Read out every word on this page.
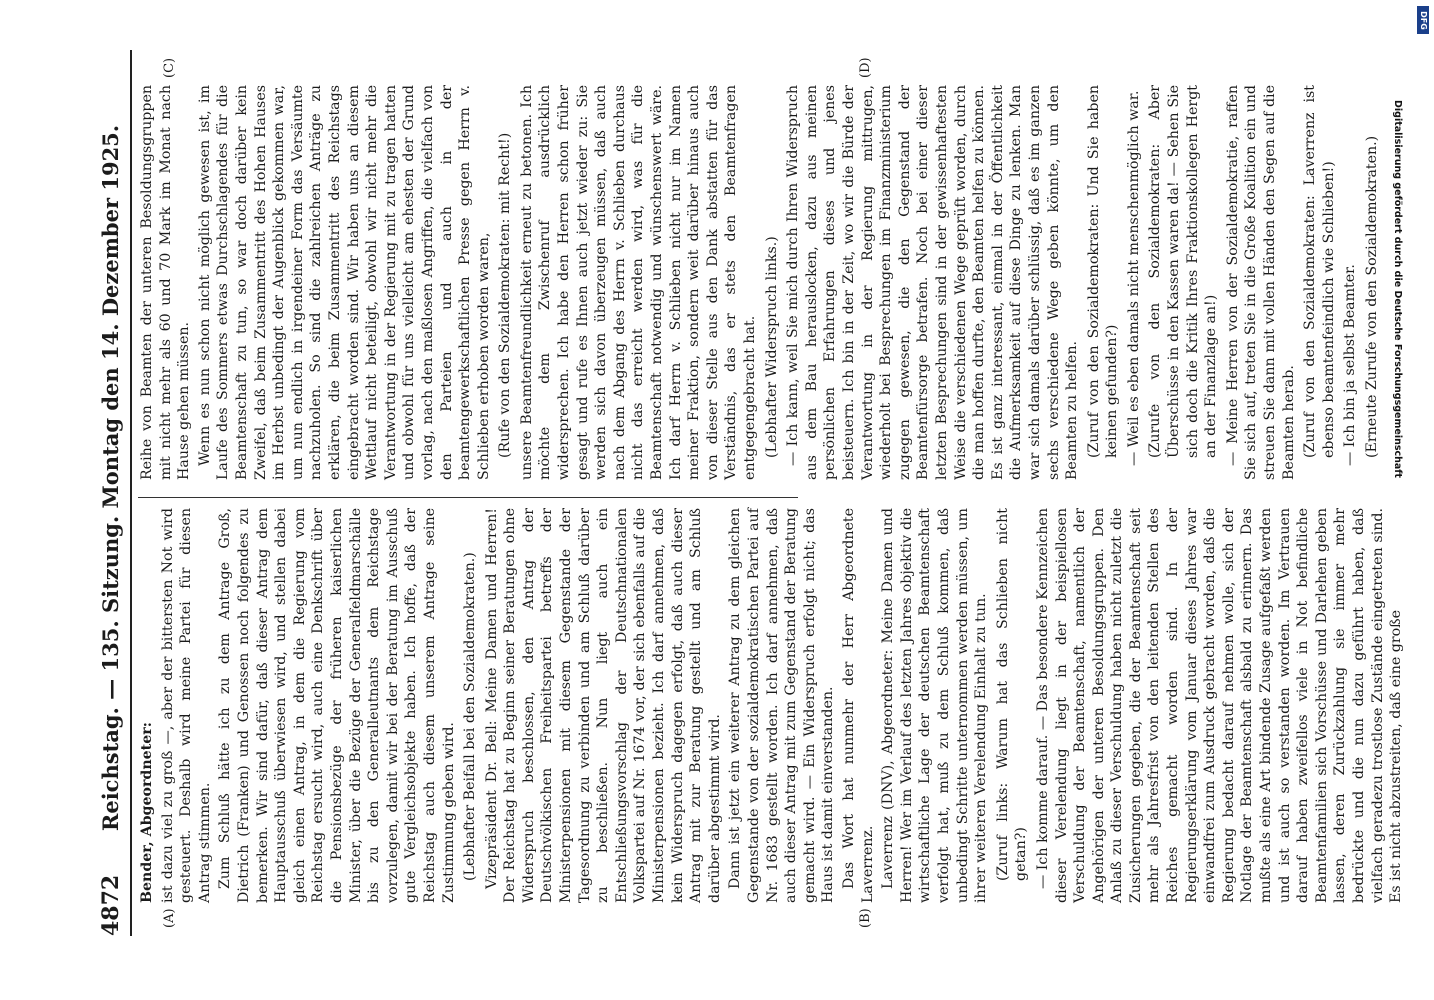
4872
Reichstag. — 135. Sitzung. Montag den 14. Dezember 1925.
(A)	(B)
(C)	(D)

Bender, Abgeordneter: ist dazu viel zu groß —, aber der bittersten Not wird gesteuert. Deshalb wird meine Partei für diesen Antrag stimmen. Zum Schluß hätte ich zu dem Antrage Groß, Dietrich (Franken) und Genossen noch folgendes zu bemerken. Wir sind dafür, daß dieser Antrag dem Hauptausschuß überwiesen wird, und stellen dabei gleich einen Antrag, in dem die Regierung vom Reichstag ersucht wird, auch eine Denkschrift über die Pensionsbezüge der früheren kaiserlichen Minister, über die Bezüge der Generalfeldmarschälle bis zu den Generalleutnants dem Reichstage vorzulegen, damit wir bei der Beratung im Ausschuß gute Vergleichsobjekte haben. Ich hoffe, daß der Reichstag auch diesem unserem Antrage seine Zustimmung geben wird. (Lebhafter Beifall bei den Sozialdemokraten.) Vizepräsident Dr. Bell: Meine Damen und Herren! Der Reichstag hat zu Beginn seiner Beratungen ohne Widerspruch beschlossen, den Antrag der Deutschvölkischen Freiheitspartei betreffs der Ministerpensionen mit diesem Gegenstande der Tagesordnung zu verbinden und am Schluß darüber zu beschließen. Nun liegt auch ein Entschließungsvorschlag der Deutschnationalen Volkspartei auf Nr. 1674 vor, der sich ebenfalls auf die Ministerpensionen bezieht. Ich darf annehmen, daß kein Widerspruch dagegen erfolgt, daß auch dieser Antrag mit zur Beratung gestellt und am Schluß darüber abgestimmt wird. Dann ist jetzt ein weiterer Antrag zu dem gleichen Gegenstande von der sozialdemokratischen Partei auf Nr. 1683 gestellt worden. Ich darf annehmen, daß auch dieser Antrag mit zum Gegenstand der Beratung gemacht wird. — Ein Widerspruch erfolgt nicht; das Haus ist damit einverstanden. Das Wort hat nunmehr der Herr Abgeordnete Laverrenz. Laverrenz (DNV), Abgeordneter: Meine Damen und Herren! Wer im Verlauf des letzten Jahres objektiv die wirtschaftliche Lage der deutschen Beamtenschaft verfolgt hat, muß zu dem Schluß kommen, daß unbedingt Schritte unternommen werden müssen, um ihrer weiteren Verelendung Einhalt zu tun. (Zuruf links: Warum hat das Schlieben nicht getan?) — Ich komme darauf. — Das besondere Kennzeichen dieser Verelendung liegt in der beispiellosen Verschuldung der Beamtenschaft, namentlich der Angehörigen der unteren Besoldungsgruppen. Den Anlaß zu dieser Verschuldung haben nicht zuletzt die Zusicherungen gegeben, die der Beamtenschaft seit mehr als Jahresfrist von den leitenden Stellen des Reiches gemacht worden sind. In der Regierungserklärung vom Januar dieses Jahres war einwandfrei zum Ausdruck gebracht worden, daß die Regierung bedacht darauf nehmen wolle, sich der Notlage der Beamtenschaft alsbald zu erinnern. Das mußte als eine Art bindende Zusage aufgefaßt werden und ist auch so verstanden worden. Im Vertrauen darauf haben zweifellos viele in Not befindliche Beamtenfamilien sich Vorschüsse und Darlehen geben lassen, deren Zurückzahlung sie immer mehr bedrückte und die nun dazu geführt haben, daß vielfach geradezu trostlose Zustände eingetreten sind. Es ist nicht abzustreiten, daß eine große

Reihe von Beamten der unteren Besoldungsgruppen mit nicht mehr als 60 und 70 Mark im Monat nach Hause gehen müssen. Wenn es nun schon nicht möglich gewesen ist, im Laufe des Sommers etwas Durchschlagendes für die Beamtenschaft zu tun, so war doch darüber kein Zweifel, daß beim Zusammentritt des Hohen Hauses im Herbst unbedingt der Augenblick gekommen war, um nun endlich in irgendeiner Form das Versäumte nachzuholen. So sind die zahlreichen Anträge zu erklären, die beim Zusammentritt des Reichstags eingebracht worden sind. Wir haben uns an diesem Wettlauf nicht beteiligt, obwohl wir nicht mehr die Verantwortung in der Regierung mit zu tragen hatten und obwohl für uns vielleicht am ehesten der Grund vorlag, nach den maßlosen Angriffen, die vielfach von den Parteien und auch in der beamtengewerkschaftlichen Presse gegen Herrn v. Schlieben erhoben worden waren, (Rufe von den Sozialdemokraten: mit Recht!) unsere Beamtenfreundlichkeit erneut zu betonen. Ich möchte dem Zwischenruf ausdrücklich widersprechen. Ich habe den Herren schon früher gesagt und rufe es Ihnen auch jetzt wieder zu: Sie werden sich davon überzeugen müssen, daß auch nach dem Abgang des Herrn v. Schlieben durchaus nicht das erreicht werden wird, was für die Beamtenschaft notwendig und wünschenswert wäre. Ich darf Herrn v. Schlieben nicht nur im Namen meiner Fraktion, sondern weit darüber hinaus auch von dieser Stelle aus den Dank abstatten für das Verständnis, das er stets den Beamtenfragen entgegengebracht hat. (Lebhafter Widerspruch links.) — Ich kann, weil Sie mich durch Ihren Widerspruch aus dem Bau herauslocken, dazu aus meinen persönlichen Erfahrungen dieses und jenes beisteuern. Ich bin in der Zeit, wo wir die Bürde der Verantwortung in der Regierung mittrugen, wiederholt bei Besprechungen im Finanzministerium zugegen gewesen, die den Gegenstand der Beamtenfürsorge betrafen. Noch bei einer dieser letzten Besprechungen sind in der gewissenhaftesten Weise die verschiedenen Wege geprüft worden, durch die man hoffen durfte, den Beamten helfen zu können. Es ist ganz interessant, einmal in der Öffentlichkeit die Aufmerksamkeit auf diese Dinge zu lenken. Man war sich damals darüber schlüssig, daß es im ganzen sechs verschiedene Wege geben könnte, um den Beamten zu helfen. (Zuruf von den Sozialdemokraten: Und Sie haben keinen gefunden?) — Weil es eben damals nicht menschenmöglich war. (Zurufe von den Sozialdemokraten: Aber Überschüsse in den Kassen waren da! — Sehen Sie sich doch die Kritik Ihres Fraktionskollegen Hergt an der Finanzlage an!) — Meine Herren von der Sozialdemokratie, raffen Sie sich auf, treten Sie in die Große Koalition ein und streuen Sie dann mit vollen Händen den Segen auf die Beamten herab. (Zuruf von den Sozialdemokraten: Laverrenz ist ebenso beamtenfeindlich wie Schlieben!) — Ich bin ja selbst Beamter. (Erneute Zurufe von den Sozialdemokraten.) Digitalisierung gefördert durch die Deutsche Forschungsgemeinschaft
DFG
